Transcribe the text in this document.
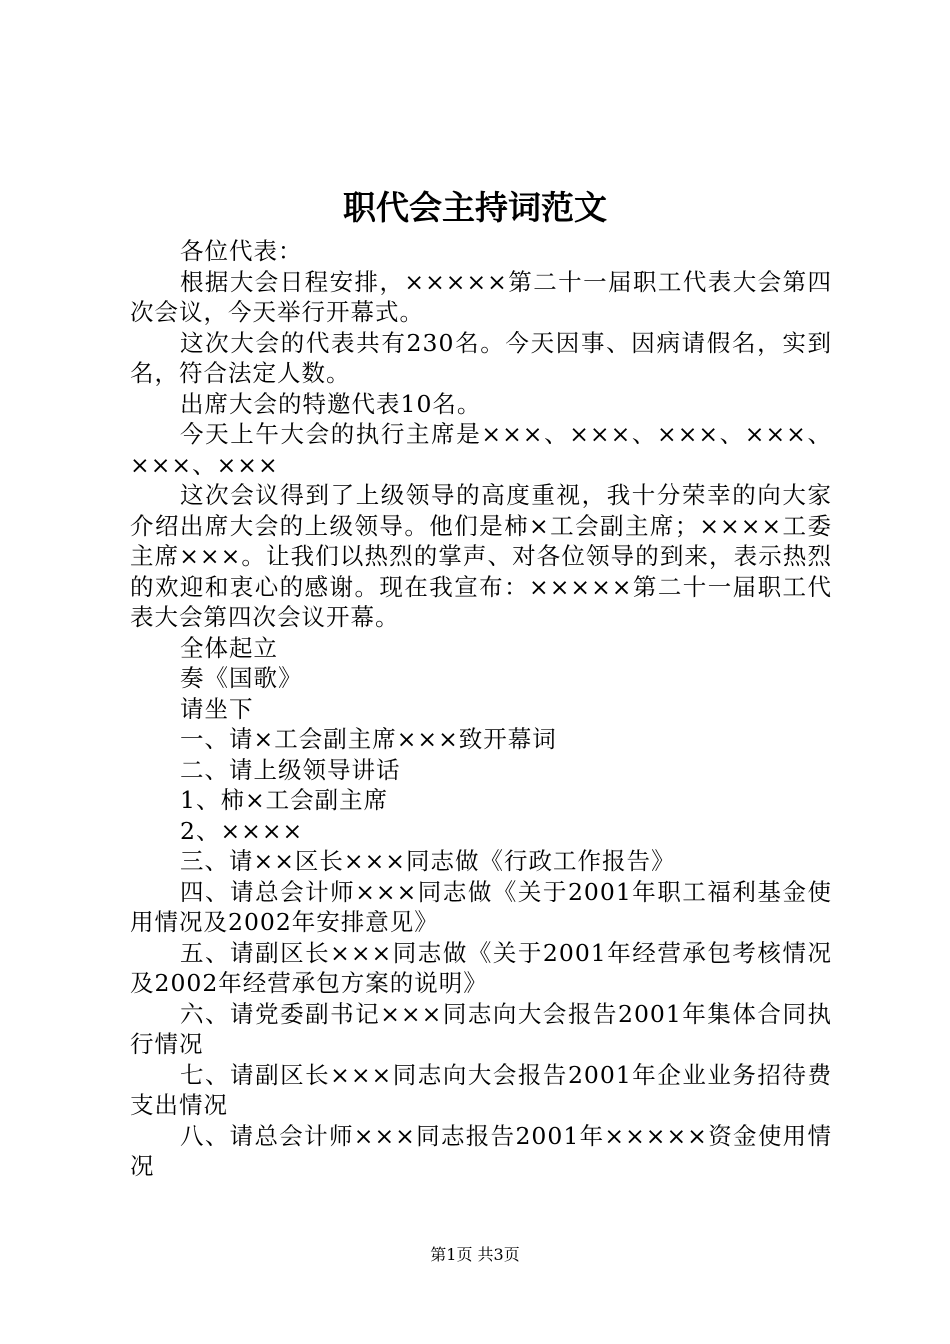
职代会主持词范文

各位代表：

根据大会日程安排，×××××第二十一届职工代表大会第四次会议，今天举行开幕式。

这次大会的代表共有230名。今天因事、因病请假名，实到名，符合法定人数。

出席大会的特邀代表10名。

今天上午大会的执行主席是×××、×××、×××、×××、×××、×××

这次会议得到了上级领导的高度重视，我十分荣幸的向大家介绍出席大会的上级领导。他们是柿×工会副主席；××××工委主席×××。让我们以热烈的掌声、对各位领导的到来，表示热烈的欢迎和衷心的感谢。现在我宣布：×××××第二十一届职工代表大会第四次会议开幕。

全体起立

奏《国歌》

请坐下

一、请×工会副主席×××致开幕词

二、请上级领导讲话

1、柿×工会副主席

2、××××

三、请××区长×××同志做《行政工作报告》

四、请总会计师×××同志做《关于2001年职工福利基金使用情况及2002年安排意见》

五、请副区长×××同志做《关于2001年经营承包考核情况及2002年经营承包方案的说明》

六、请党委副书记×××同志向大会报告2001年集体合同执行情况

七、请副区长×××同志向大会报告2001年企业业务招待费支出情况

八、请总会计师×××同志报告2001年×××××资金使用情况

第1页 共3页
